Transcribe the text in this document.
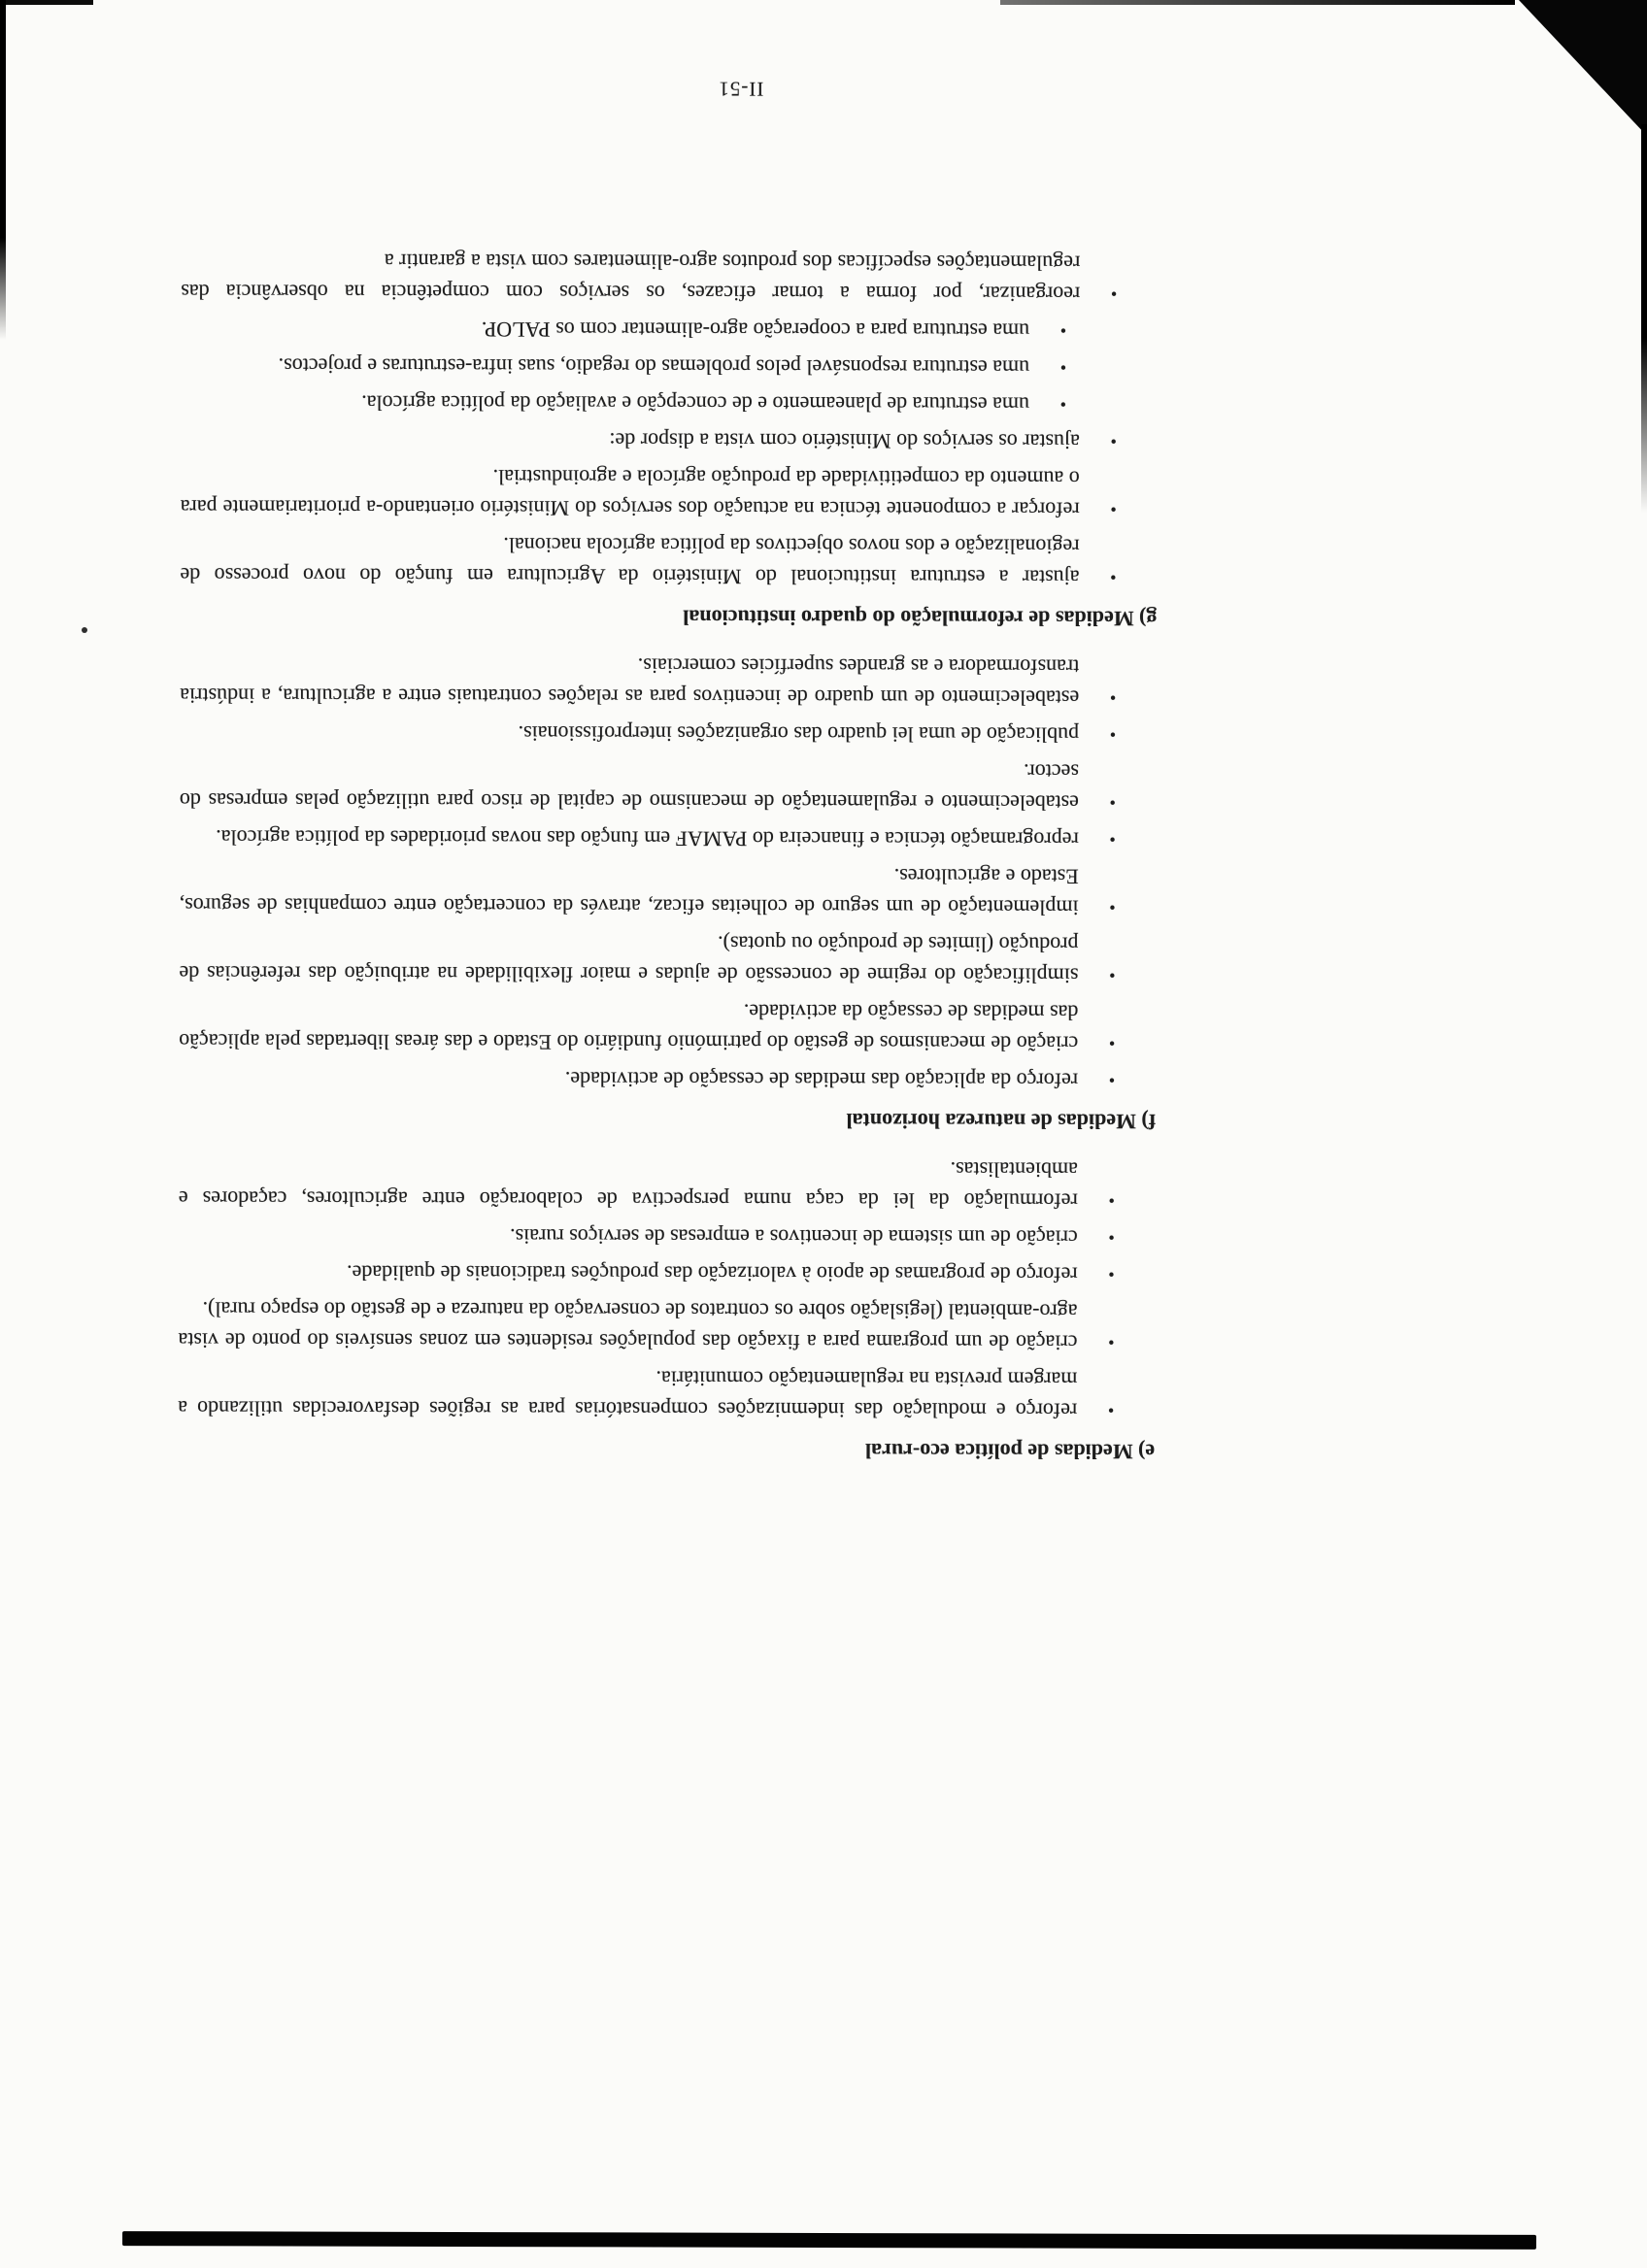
e) Medidas de política eco-rural
•
reforço e modulação das indemnizações compensatórias para as regiões desfavorecidas utilizando a margem prevista na regulamentação comunitária.
•
criação de um programa para a fixação das populações residentes em zonas sensíveis do ponto de vista agro-ambiental (legislação sobre os contratos de conservação da natureza e de gestão do espaço rural).
•
reforço de programas de apoio à valorização das produções tradicionais de qualidade.
•
criação de um sistema de incentivos a empresas de serviços rurais.
•
reformulação da lei da caça numa perspectiva de colaboração entre agricultores, caçadores e ambientalistas.
f) Medidas de natureza horizontal
•
reforço da aplicação das medidas de cessação de actividade.
•
criação de mecanismos de gestão do património fundiário do Estado e das áreas libertadas pela aplicação das medidas de cessação da actividade.
•
simplificação do regime de concessão de ajudas e maior flexibilidade na atribuição das referências de produção (limites de produção ou quotas).
•
implementação de um seguro de colheitas eficaz, através da concertação entre companhias de seguros, Estado e agricultores.
•
reprogramação técnica e financeira do PAMAF em função das novas prioridades da política agrícola.
•
estabelecimento e regulamentação de mecanismo de capital de risco para utilização pelas empresas do sector.
•
publicação de uma lei quadro das organizações interprofissionais.
•
estabelecimento de um quadro de incentivos para as relações contratuais entre a agricultura, a indústria transformadora e as grandes superfícies comerciais.
g) Medidas de reformulação do quadro institucional
•
ajustar a estrutura institucional do Ministério da Agricultura em função do novo processo de regionalização e dos novos objectivos da política agrícola nacional.
•
reforçar a componente técnica na actuação dos serviços do Ministério orientando-a prioritariamente para o aumento da competitividade da produção agrícola e agroindustrial.
•
ajustar os serviços do Ministério com vista a dispor de:
•
uma estrutura de planeamento e de concepção e avaliação da política agrícola.
•
uma estrutura responsável pelos problemas do regadio, suas infra-estruturas e projectos.
•
uma estrutura para a cooperação agro-alimentar com os PALOP.
•
reorganizar, por forma a tornar eficazes, os serviços com competência na observância das regulamentações específicas dos produtos agro-alimentares com vista a garantir a
II-51
